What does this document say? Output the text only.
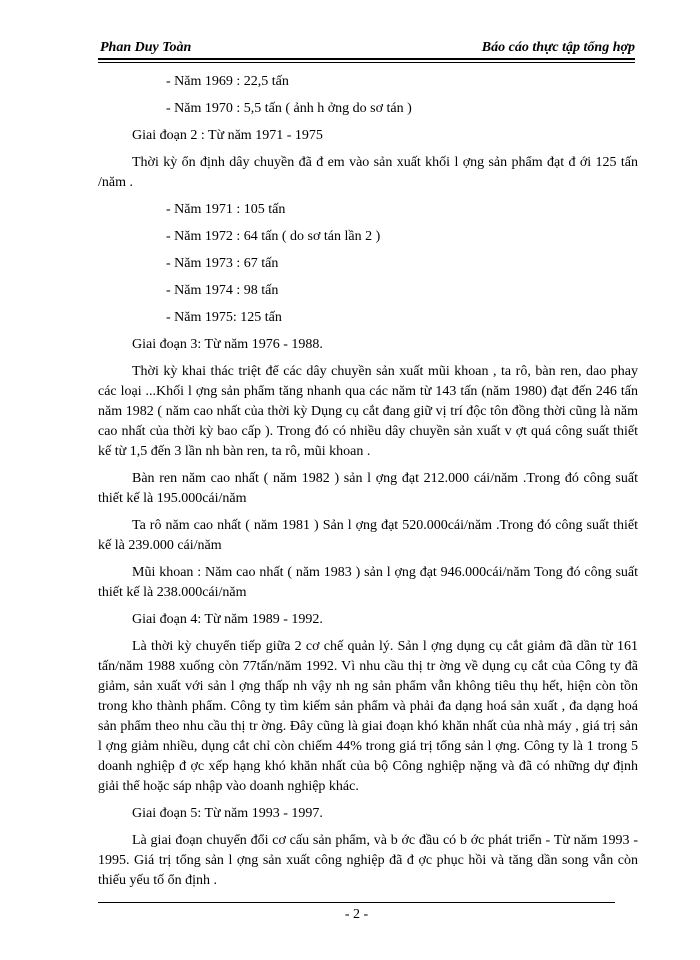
Phan Duy Toàn	Báo cáo thực tập tổng hợp

- Năm 1969 : 22,5 tấn

- Năm 1970 : 5,5 tấn ( ảnh h ởng do sơ tán )

Giai đoạn 2 : Từ năm 1971 - 1975

Thời kỳ ổn định dây chuyền đã đ em vào sản xuất khối l ợng sản phẩm đạt đ ới 125 tấn /năm .

- Năm 1971 : 105 tấn

- Năm 1972 : 64 tấn ( do sơ tán lần 2 )

- Năm 1973 : 67 tấn

- Năm 1974 : 98 tấn

- Năm 1975: 125 tấn

Giai đoạn 3: Từ năm 1976 - 1988.

Thời kỳ khai thác triệt để các dây chuyền sản xuất mũi khoan , ta rô, bàn ren, dao phay các loại ...Khối l ợng sản phẩm tăng nhanh qua các năm từ 143 tấn (năm 1980) đạt đến 246 tấn năm 1982 ( năm cao nhất của thời kỳ Dụng cụ cắt đang giữ vị trí độc tôn đồng thời cũng là năm cao nhất của thời kỳ bao cấp ). Trong đó có nhiều dây chuyền sản xuất v ợt quá công suất thiết kế từ 1,5 đến 3 lần nh bàn ren, ta rô, mũi khoan .

Bàn ren năm cao nhất ( năm 1982 ) sản l ợng đạt 212.000 cái/năm .Trong đó công suất thiết kế là 195.000cái/năm

Ta rô năm cao nhất ( năm 1981 ) Sản l ợng đạt 520.000cái/năm .Trong đó công suất thiết kế là 239.000 cái/năm

Mũi khoan : Năm cao nhất ( năm 1983 ) sản l ợng đạt 946.000cái/năm Tong đó công suất thiết kế là 238.000cái/năm

Giai đoạn 4: Từ năm 1989 - 1992.

Là thời kỳ chuyển tiếp giữa 2 cơ chế quản lý. Sản l ợng dụng cụ cắt giảm đã dần từ 161 tấn/năm 1988 xuống còn 77tấn/năm 1992. Vì nhu cầu thị tr ờng về dụng cụ cắt của Công ty đã giảm, sản xuất với sản l ợng thấp nh vậy nh ng sản phẩm vẫn không tiêu thụ hết, hiện còn tồn trong kho thành phẩm. Công ty tìm kiếm sản phẩm và phải đa dạng hoá sản xuất , đa dạng hoá sản phẩm theo nhu cầu thị tr ờng. Đây cũng là giai đoạn khó khăn nhất của nhà máy , giá trị sản l ợng giảm nhiều, dụng cắt chỉ còn chiếm 44% trong giá trị tổng sản l ợng. Công ty là 1 trong 5 doanh nghiệp đ ợc xếp hạng khó khăn nhất của bộ Công nghiệp nặng và đã có những dự định giải thể hoặc sáp nhập vào doanh nghiệp khác.

Giai đoạn 5: Từ năm 1993 - 1997.

Là giai đoạn chuyển đổi cơ cấu sản phẩm, và b ớc đầu có b ớc phát triển - Từ năm 1993 - 1995. Giá trị tổng sản l ợng sản xuất công nghiệp đã đ ợc phục hồi và tăng dần song vẫn còn thiếu yếu tố ổn định .

- 2 -
